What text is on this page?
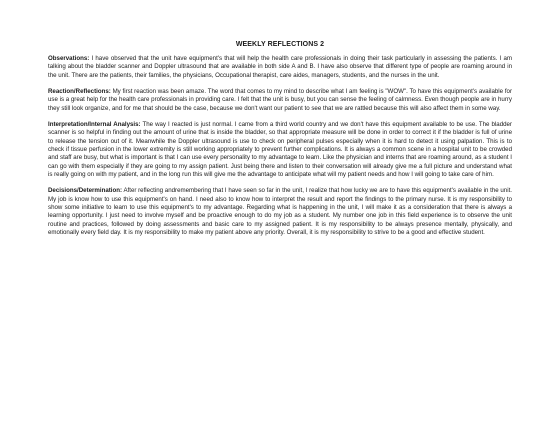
WEEKLY REFLECTIONS 2
Observations: I have observed that the unit have equipment's that will help the health care professionals in doing their task particularly in assessing the patients. I am talking about the bladder scanner and Doppler ultrasound that are available in both side A and B. I have also observe that different type of people are roaming around in the unit. There are the patients, their families, the physicians, Occupational therapist, care aides, managers, students, and the nurses in the unit.
Reaction/Reflections: My first reaction was been amaze. The word that comes to my mind to describe what I am feeling is "WOW". To have this equipment's available for use is a great help for the health care professionals in providing care. I felt that the unit is busy, but you can sense the feeling of calmness. Even though people are in hurry they still look organize, and for me that should be the case, because we don't want our patient to see that we are rattled because this will also affect them in some way.
Interpretation/Internal Analysis: The way I reacted is just normal. I came from a third world country and we don't have this equipment available to be use. The bladder scanner is so helpful in finding out the amount of urine that is inside the bladder, so that appropriate measure will be done in order to correct it if the bladder is full of urine to release the tension out of it. Meanwhile the Doppler ultrasound is use to check on peripheral pulses especially when it is hard to detect it using palpation. This is to check if tissue perfusion in the lower extremity is still working appropriately to prevent further complications. It is always a common scene in a hospital unit to be crowded and staff are busy, but what is important is that I can use every personality to my advantage to learn. Like the physician and interns that are roaming around, as a student I can go with them especially if they are going to my assign patient. Just being there and listen to their conversation will already give me a full picture and understand what is really going on with my patient, and in the long run this will give me the advantage to anticipate what will my patient needs and how I will going to take care of him.
Decisions/Determination: After reflecting andremembering that I have seen so far in the unit, I realize that how lucky we are to have this equipment's available in the unit. My job is know how to use this equipment's on hand. I need also to know how to interpret the result and report the findings to the primary nurse. It is my responsibility to show some initiative to learn to use this equipment's to my advantage. Regarding what is happening in the unit, I will make it as a consideration that there is always a learning opportunity. I just need to involve myself and be proactive enough to do my job as a student. My number one job in this field experience is to observe the unit routine and practices, followed by doing assessments and basic care to my assigned patient. It is my responsibility to be always presence mentally, physically, and emotionally every field day. It is my responsibility to make my patient above any priority. Overall, it is my responsibility to strive to be a good and effective student.
